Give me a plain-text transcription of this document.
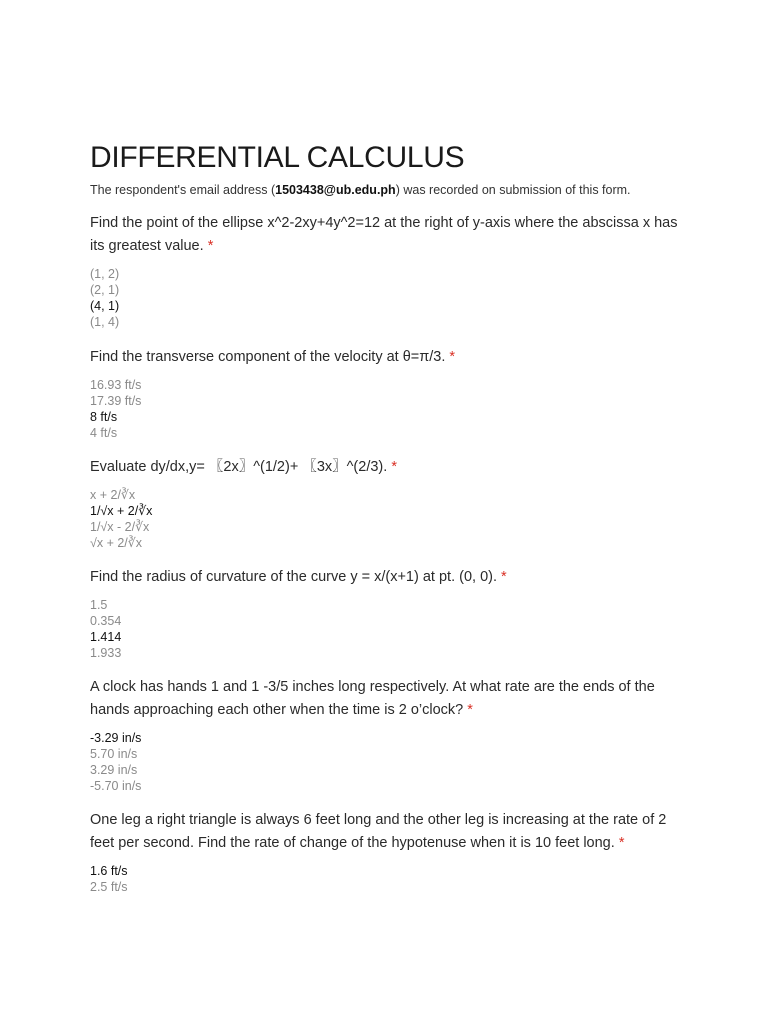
DIFFERENTIAL CALCULUS
The respondent's email address (1503438@ub.edu.ph) was recorded on submission of this form.
Find the point of the ellipse x^2-2xy+4y^2=12 at the right of y-axis where the abscissa x has its greatest value. *
(1, 2)
(2, 1)
(4, 1)
(1, 4)
Find the transverse component of the velocity at θ=π/3. *
16.93 ft/s
17.39 ft/s
8 ft/s
4 ft/s
Evaluate dy/dx,y= 〖2x〗^(1/2)+ 〖3x〗^(2/3). *
x + 2/∛x
1/√x + 2/∛x
1/√x - 2/∛x
√x + 2/∛x
Find the radius of curvature of the curve y = x/(x+1) at pt. (0, 0). *
1.5
0.354
1.414
1.933
A clock has hands 1 and 1 -3/5 inches long respectively. At what rate are the ends of the hands approaching each other when the time is 2 o’clock? *
-3.29 in/s
5.70 in/s
3.29 in/s
-5.70 in/s
One leg a right triangle is always 6 feet long and the other leg is increasing at the rate of 2 feet per second. Find the rate of change of the hypotenuse when it is 10 feet long. *
1.6 ft/s
2.5 ft/s
